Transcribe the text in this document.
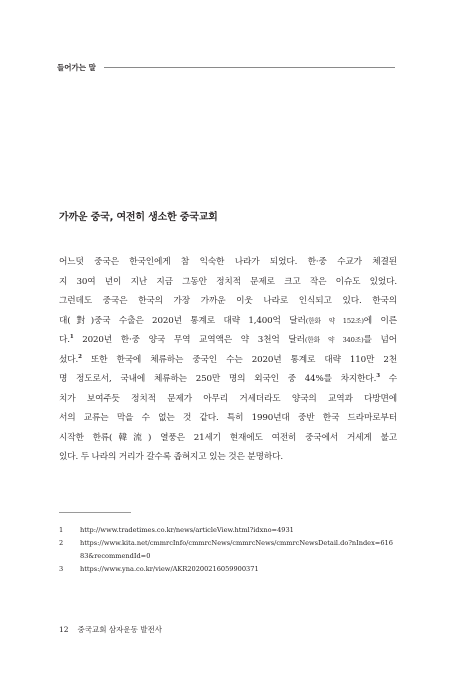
들어가는 말
가까운 중국, 여전히 생소한 중국교회
어느덧 중국은 한국인에게 참 익숙한 나라가 되었다. 한·중 수교가 체결된
지 30여 년이 지난 지금 그동안 정치적 문제로 크고 작은 이슈도 있었다.
그런데도 중국은 한국의 가장 가까운 이웃 나라로 인식되고 있다. 한국의
대(對)중국 수출은 2020년 통계로 대략 1,400억 달러(한화 약 152조)에 이른
다.$^1$ 2020년 한·중 양국 무역 교역액은 약 3천억 달러(한화 약 340조)를 넘어
섰다.$^2$ 또한 한국에 체류하는 중국인 수는 2020년 통계로 대략 110만 2천
명 정도로서, 국내에 체류하는 250만 명의 외국인 중 44%를 차지한다.$^3$ 수
치가 보여주듯 정치적 문제가 아무리 거세더라도 양국의 교역과 다방면에
서의 교류는 막을 수 없는 것 같다. 특히 1990년대 중반 한국 드라마로부터
시작한 한류(韓流) 열풍은 21세기 현재에도 여전히 중국에서 거세게 불고
있다. 두 나라의 거리가 갈수록 좁혀지고 있는 것은 분명하다.
1	http://www.tradetimes.co.kr/news/articleView.html?idxno=4931
2	https://www.kita.net/cmmrcInfo/cmmrcNews/cmmrcNews/cmmrcNewsDetail.do?nIndex=61683&recommendId=0
3	https://www.yna.co.kr/view/AKR20200216059900371
12 중국교회 삼자운동 발전사
